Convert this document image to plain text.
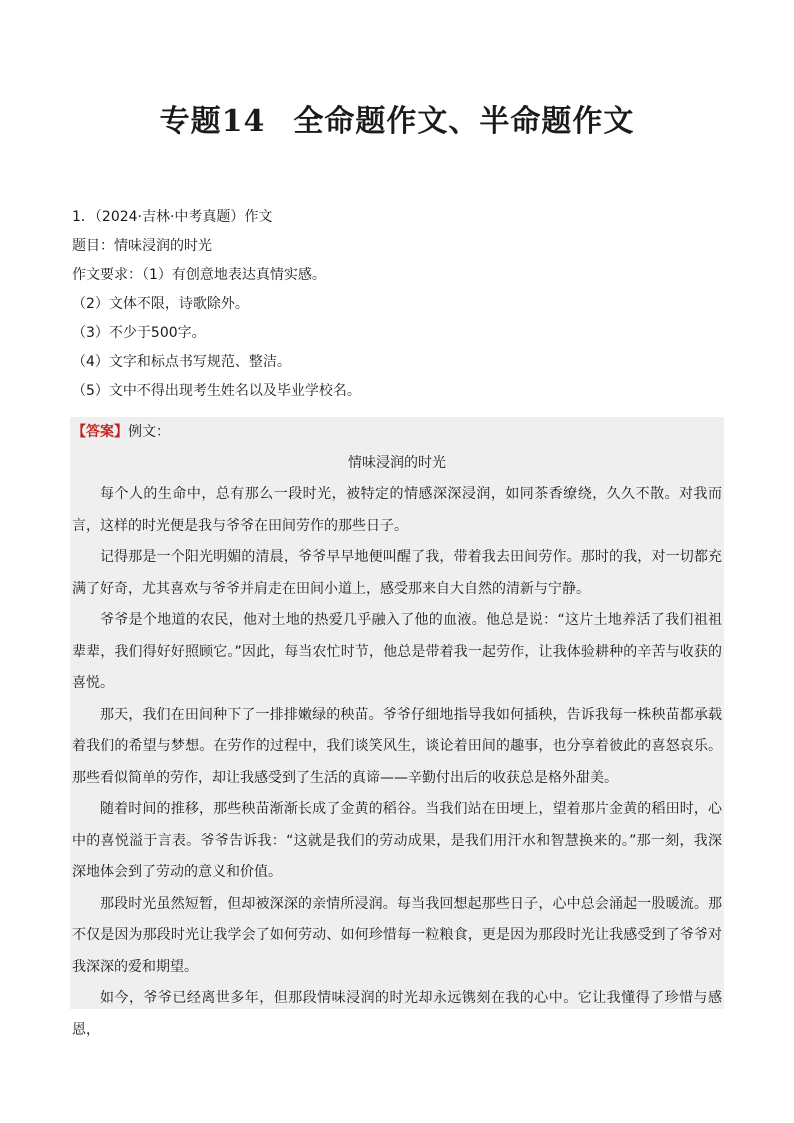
专题14 全命题作文、半命题作文
1．（2024·吉林·中考真题）作文
题目：情味浸润的时光
作文要求：（1）有创意地表达真情实感。
（2）文体不限，诗歌除外。
（3）不少于500字。
（4）文字和标点书写规范、整洁。
（5）文中不得出现考生姓名以及毕业学校名。
【答案】例文：
情味浸润的时光

每个人的生命中，总有那么一段时光，被特定的情感深深浸润，如同茶香缭绕，久久不散。对我而言，这样的时光便是我与爷爷在田间劳作的那些日子。

记得那是一个阳光明媚的清晨，爷爷早早地便叫醒了我，带着我去田间劳作。那时的我，对一切都充满了好奇，尤其喜欢与爷爷并肩走在田间小道上，感受那来自大自然的清新与宁静。

爷爷是个地道的农民，他对土地的热爱几乎融入了他的血液。他总是说：“这片土地养活了我们祖祖辈辈，我们得好好照顾它。”因此，每当农忙时节，他总是带着我一起劳作，让我体验耕种的辛苦与收获的喜悦。

那天，我们在田间种下了一排排嫩绿的秧苗。爷爷仔细地指导我如何插秧，告诉我每一株秧苗都承载着我们的希望与梦想。在劳作的过程中，我们谈笑风生，谈论着田间的趣事，也分享着彼此的喜怒哀乐。那些看似简单的劳作，却让我感受到了生活的真谛——辛勤付出后的收获总是格外甜美。

随着时间的推移，那些秧苗渐渐长成了金黄的稻谷。当我们站在田埂上，望着那片金黄的稻田时，心中的喜悦溢于言表。爷爷告诉我：“这就是我们的劳动成果，是我们用汗水和智慧换来的。”那一刻，我深深地体会到了劳动的意义和价值。

那段时光虽然短暂，但却被深深的亲情所浸润。每当我回想起那些日子，心中总会涌起一股暖流。那不仅是因为那段时光让我学会了如何劳动、如何珍惜每一粒粮食，更是因为那段时光让我感受到了爷爷对我深深的爱和期望。

如今，爷爷已经离世多年，但那段情味浸润的时光却永远镌刻在我的心中。它让我懂得了珍惜与感恩，
